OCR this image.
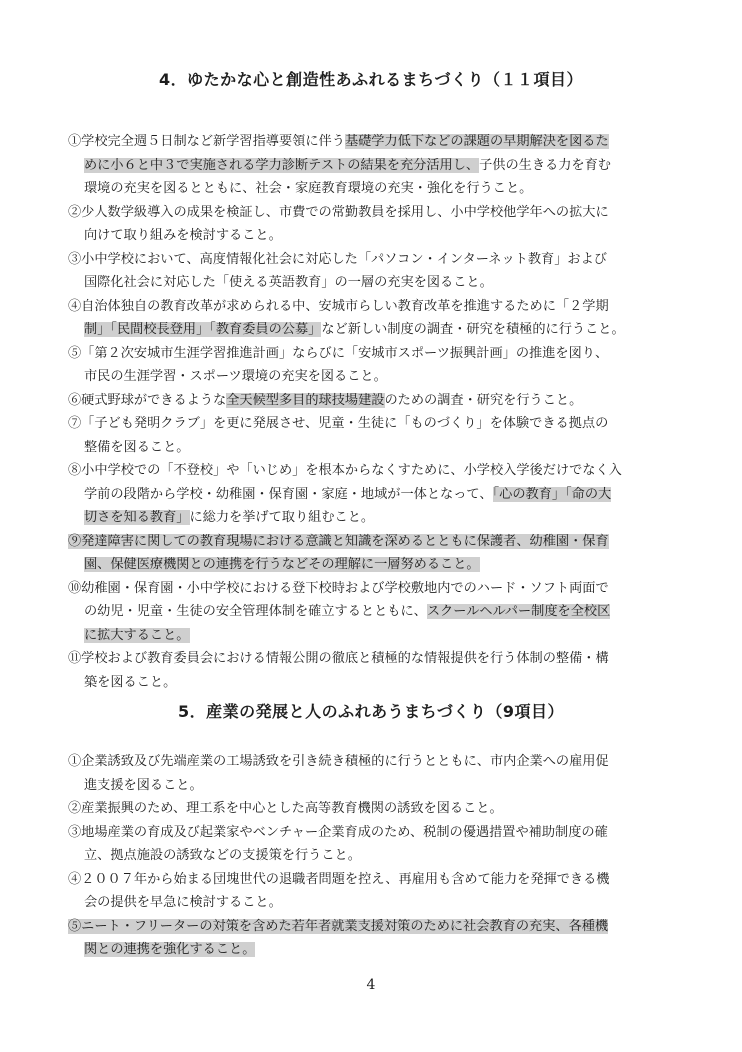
4．ゆたかな心と創造性あふれるまちづくり（１１項目）
①学校完全週５日制など新学習指導要領に伴う基礎学力低下などの課題の早期解決を図るた
めに小６と中３で実施される学力診断テストの結果を充分活用し、子供の生きる力を育む
環境の充実を図るとともに、社会・家庭教育環境の充実・強化を行うこと。
②少人数学級導入の成果を検証し、市費での常勤教員を採用し、小中学校他学年への拡大に
向けて取り組みを検討すること。
③小中学校において、高度情報化社会に対応した「パソコン・インターネット教育」および
国際化社会に対応した「使える英語教育」の一層の充実を図ること。
④自治体独自の教育改革が求められる中、安城市らしい教育改革を推進するために「２学期
制」「民間校長登用」「教育委員の公募」など新しい制度の調査・研究を積極的に行うこと。
⑤「第２次安城市生涯学習推進計画」ならびに「安城市スポーツ振興計画」の推進を図り、
市民の生涯学習・スポーツ環境の充実を図ること。
⑥硬式野球ができるような全天候型多目的球技場建設のための調査・研究を行うこと。
⑦「子ども発明クラブ」を更に発展させ、児童・生徒に「ものづくり」を体験できる拠点の
整備を図ること。
⑧小中学校での「不登校」や「いじめ」を根本からなくすために、小学校入学後だけでなく入
学前の段階から学校・幼稚園・保育園・家庭・地域が一体となって、「心の教育」「命の大
切さを知る教育」に総力を挙げて取り組むこと。
⑨発達障害に関しての教育現場における意識と知識を深めるとともに保護者、幼稚園・保育
園、保健医療機関との連携を行うなどその理解に一層努めること。
⑩幼稚園・保育園・小中学校における登下校時および学校敷地内でのハード・ソフト両面で
の幼児・児童・生徒の安全管理体制を確立するとともに、スクールヘルパー制度を全校区
に拡大すること。
⑪学校および教育委員会における情報公開の徹底と積極的な情報提供を行う体制の整備・構
築を図ること。
5．産業の発展と人のふれあうまちづくり（9項目）
①企業誘致及び先端産業の工場誘致を引き続き積極的に行うとともに、市内企業への雇用促
進支援を図ること。
②産業振興のため、理工系を中心とした高等教育機関の誘致を図ること。
③地場産業の育成及び起業家やベンチャー企業育成のため、税制の優遇措置や補助制度の確
立、拠点施設の誘致などの支援策を行うこと。
④２００７年から始まる団塊世代の退職者問題を控え、再雇用も含めて能力を発揮できる機
会の提供を早急に検討すること。
⑤ニート・フリーターの対策を含めた若年者就業支援対策のために社会教育の充実、各種機
関との連携を強化すること。
4
